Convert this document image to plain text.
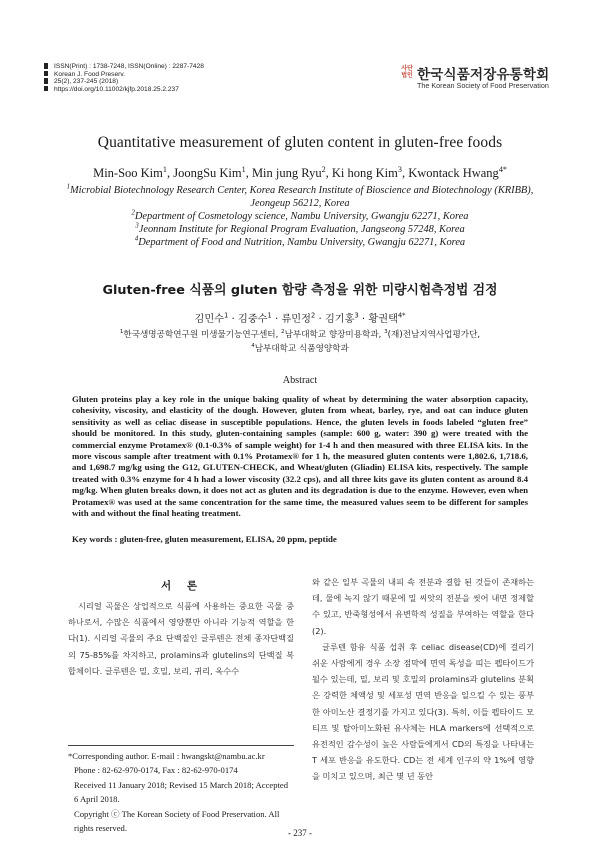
ISSN(Print) : 1738-7248, ISSN(Online) : 2287-7428
Korean J. Food Preserv.
25(2), 237-245 (2018)
https://doi.org/10.11002/kjfp.2018.25.2.237
사단
법인 한국식품저장유통학회
The Korean Society of Food Preservation
Quantitative measurement of gluten content in gluten-free foods
Min-Soo Kim$^1$, JoongSu Kim$^1$, Min jung Ryu$^2$, Ki hong Kim$^3$, Kwontack Hwang$^{4*}$
$^1$Microbial Biotechnology Research Center, Korea Research Institute of Bioscience and Biotechnology (KRIBB),
Jeongeup 56212, Korea
$^2$Department of Cosmetology science, Nambu University, Gwangju 62271, Korea
$^3$Jeonnam Institute for Regional Program Evaluation, Jangseong 57248, Korea
$^4$Department of Food and Nutrition, Nambu University, Gwangju 62271, Korea
Gluten-free 식품의 gluten 함량 측정을 위한 미량시험측정법 검정
김민수$^1$ · 김중수$^1$ · 류민정$^2$ · 김기홍$^3$ · 황권택$^{4*}$
$^1$한국생명공학연구원 미생물기능연구센터, $^2$남부대학교 향장미용학과, $^3$(재)전남지역사업평가단,
$^4$남부대학교 식품영양학과
Abstract
Gluten proteins play a key role in the unique baking quality of wheat by determining the water absorption capacity, cohesivity, viscosity, and elasticity of the dough. However, gluten from wheat, barley, rye, and oat can induce gluten sensitivity as well as celiac disease in susceptible populations. Hence, the gluten levels in foods labeled “gluten free” should be monitored. In this study, gluten-containing samples (sample: 600 g, water: 390 g) were treated with the commercial enzyme Protamex® (0.1-0.3% of sample weight) for 1-4 h and then measured with three ELISA kits. In the more viscous sample after treatment with 0.1% Protamex® for 1 h, the measured gluten contents were 1,802.6, 1,718.6, and 1,698.7 mg/kg using the G12, GLUTEN-CHECK, and Wheat/gluten (Gliadin) ELISA kits, respectively. The sample treated with 0.3% enzyme for 4 h had a lower viscosity (32.2 cps), and all three kits gave its gluten content as around 8.4 mg/kg. When gluten breaks down, it does not act as gluten and its degradation is due to the enzyme. However, even when Protamex® was used at the same concentration for the same time, the measured values seem to be different for samples with and without the final heating treatment.
Key words : gluten-free, gluten measurement, ELISA, 20 ppm, peptide
서 론

시리얼 곡물은 상업적으로 식품에 사용하는 중요한 곡물 중 하나로서, 수많은 식품에서 영양뿐만 아니라 기능적 역할을 한다(1). 시리얼 곡물의 주요 단백질인 글루텐은 전체 종자단백질의 75-85%를 차지하고, prolamins과 glutelins의 단백질 복합체이다. 글루텐은 밀, 호밀, 보리, 귀리, 옥수수

와 같은 일부 곡물의 내피 속 전분과 결합 된 것들이 존재하는데, 물에 녹지 않기 때문에 밀 씨앗의 전분을 씻어 내면 정제할 수 있고, 반죽형성에서 유변학적 성질을 부여하는 역할을 한다(2).

글루텐 함유 식품 섭취 후 celiac disease(CD)에 걸리기 쉬운 사람에게 경우 소장 점막에 면역 독성을 띠는 펩타이드가 될수 있는데, 밀, 보리 및 호밀의 prolamins과 glutelins 분획은 강력한 체액성 및 세포성 면역 반응을 일으킬 수 있는 풍부한 아미노산 결정기를 가지고 있다(3). 특히, 이들 펩타이드 모티프 및 탈아미노화된 유사체는 HLA markers에 선택적으로 유전적인 감수성이 높은 사람들에게서 CD의 특징을 나타내는 T 세포 반응을 유도한다. CD는 전 세계 인구의 약 1%에 영향을 미치고 있으며, 최근 몇 년 동안

*Corresponding author. E-mail : hwangskt@nambu.ac.kr
Phone : 82-62-970-0174, Fax : 82-62-970-0174
Received 11 January 2018; Revised 15 March 2018; Accepted 6 April 2018.
Copyright ⓒ The Korean Society of Food Preservation. All rights reserved.	- 237 -
